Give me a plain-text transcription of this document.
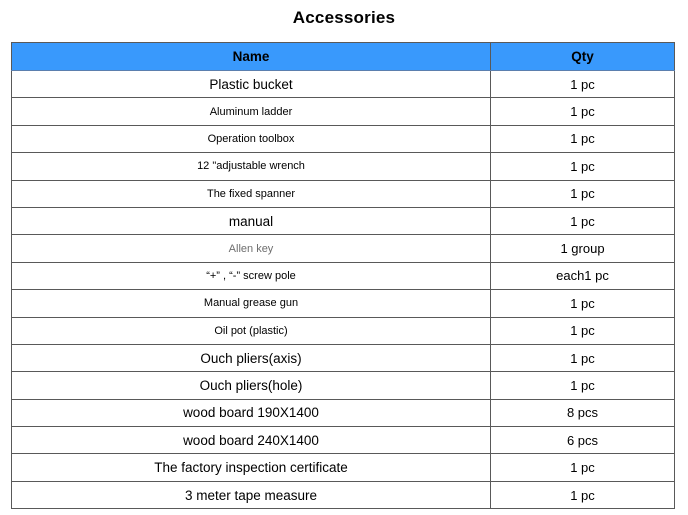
Accessories
Name	Qty
Plastic bucket	1 pc
Aluminum ladder	1 pc
Operation toolbox	1 pc
12 "adjustable wrench	1 pc
The fixed spanner	1 pc
manual	1 pc
Allen key	1 group
“+” , “-” screw pole	each1 pc
Manual grease gun	1 pc
Oil pot (plastic)	1 pc
Ouch pliers(axis)	1 pc
Ouch pliers(hole)	1 pc
wood board 190X1400	8 pcs
wood board 240X1400	6 pcs
The factory inspection certificate	1 pc
3 meter tape measure	1 pc
